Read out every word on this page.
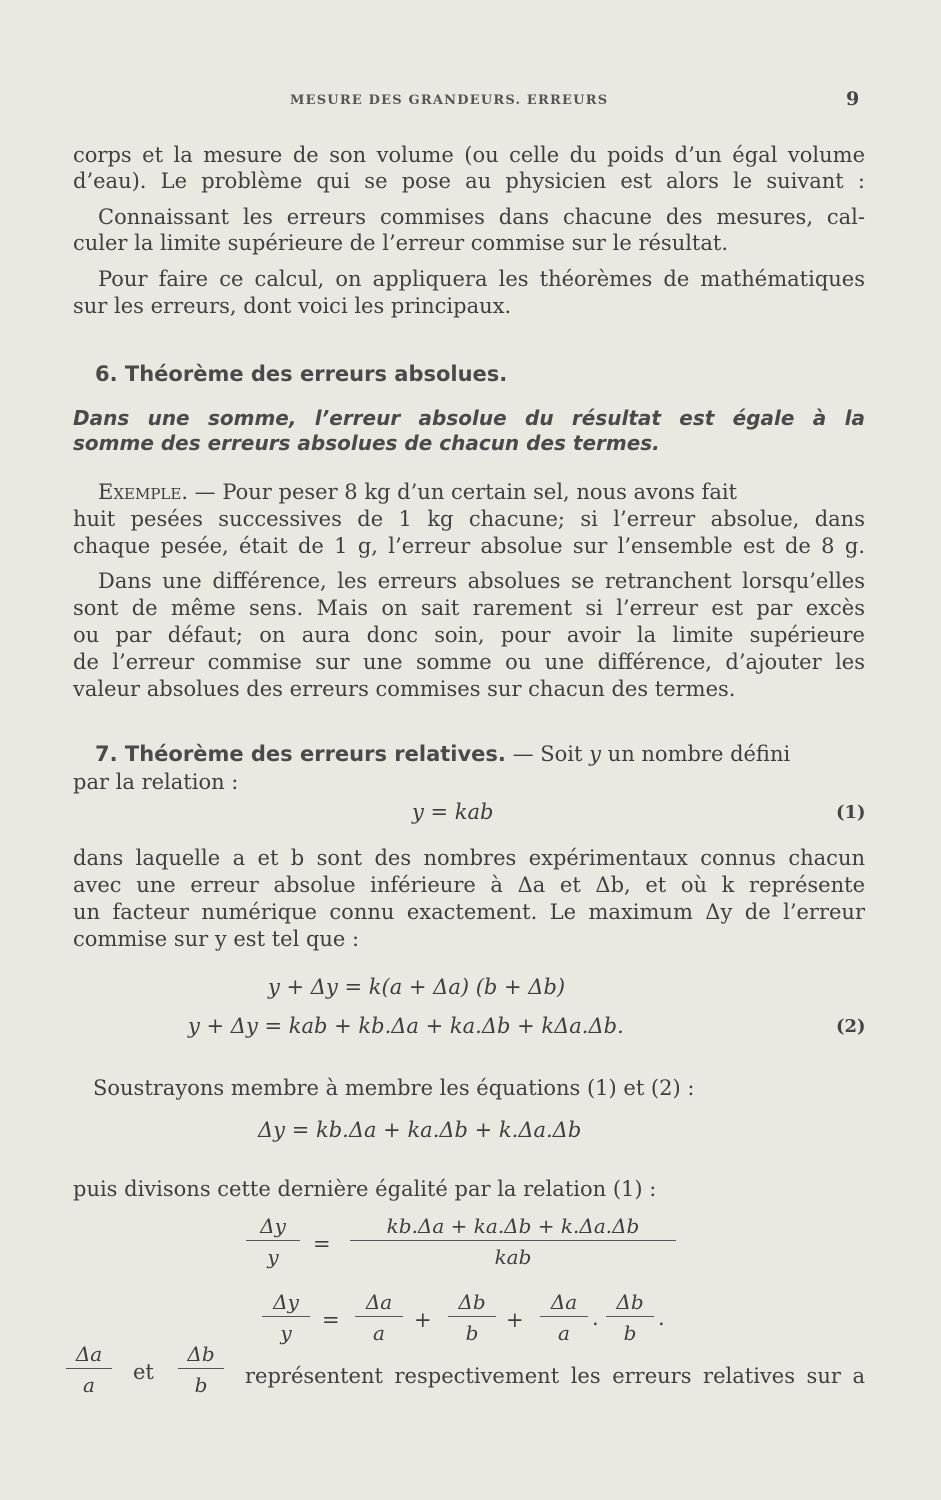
MESURE DES GRANDEURS. ERREURS	9
corps et la mesure de son volume (ou celle du poids d’un égal volume
d’eau). Le problème qui se pose au physicien est alors le suivant :
Connaissant les erreurs commises dans chacune des mesures, cal-
culer la limite supérieure de l’erreur commise sur le résultat.
Pour faire ce calcul, on appliquera les théorèmes de mathématiques
sur les erreurs, dont voici les principaux.
6. Théorème des erreurs absolues.
Dans une somme, l’erreur absolue du résultat est égale à la
somme des erreurs absolues de chacun des termes.
Exemple. — Pour peser 8 kg d’un certain sel, nous avons fait
huit pesées successives de 1 kg chacune; si l’erreur absolue, dans
chaque pesée, était de 1 g, l’erreur absolue sur l’ensemble est de 8 g.
Dans une différence, les erreurs absolues se retranchent lorsqu’elles
sont de même sens. Mais on sait rarement si l’erreur est par excès
ou par défaut; on aura donc soin, pour avoir la limite supérieure
de l’erreur commise sur une somme ou une différence, d’ajouter les
valeur absolues des erreurs commises sur chacun des termes.
7. Théorème des erreurs relatives. — Soit y un nombre défini
par la relation :
y = kab	(1)
dans laquelle a et b sont des nombres expérimentaux connus chacun
avec une erreur absolue inférieure à Δa et Δb, et où k représente
un facteur numérique connu exactement. Le maximum Δy de l’erreur
commise sur y est tel que :
y + Δy = k(a + Δa) (b + Δb)
y + Δy = kab + kb.Δa + ka.Δb + kΔa.Δb.	(2)
Soustrayons membre à membre les équations (1) et (2) :
Δy = kb.Δa + ka.Δb + k.Δa.Δb
puis divisons cette dernière égalité par la relation (1) :
$\frac{\Delta y}{y}$ =
kb.Δa + ka.Δb + k.Δa.Δb
kab
$\frac{\Delta y}{y} = \frac{\Delta a}{a} + \frac{\Delta b}{b} + \frac{\Delta a}{a}$ . $\frac{\Delta b}{b}$ .
$\frac{\Delta a}{a}$ et $\frac{\Delta b}{b}$ représentent respectivement les erreurs relatives sur a
